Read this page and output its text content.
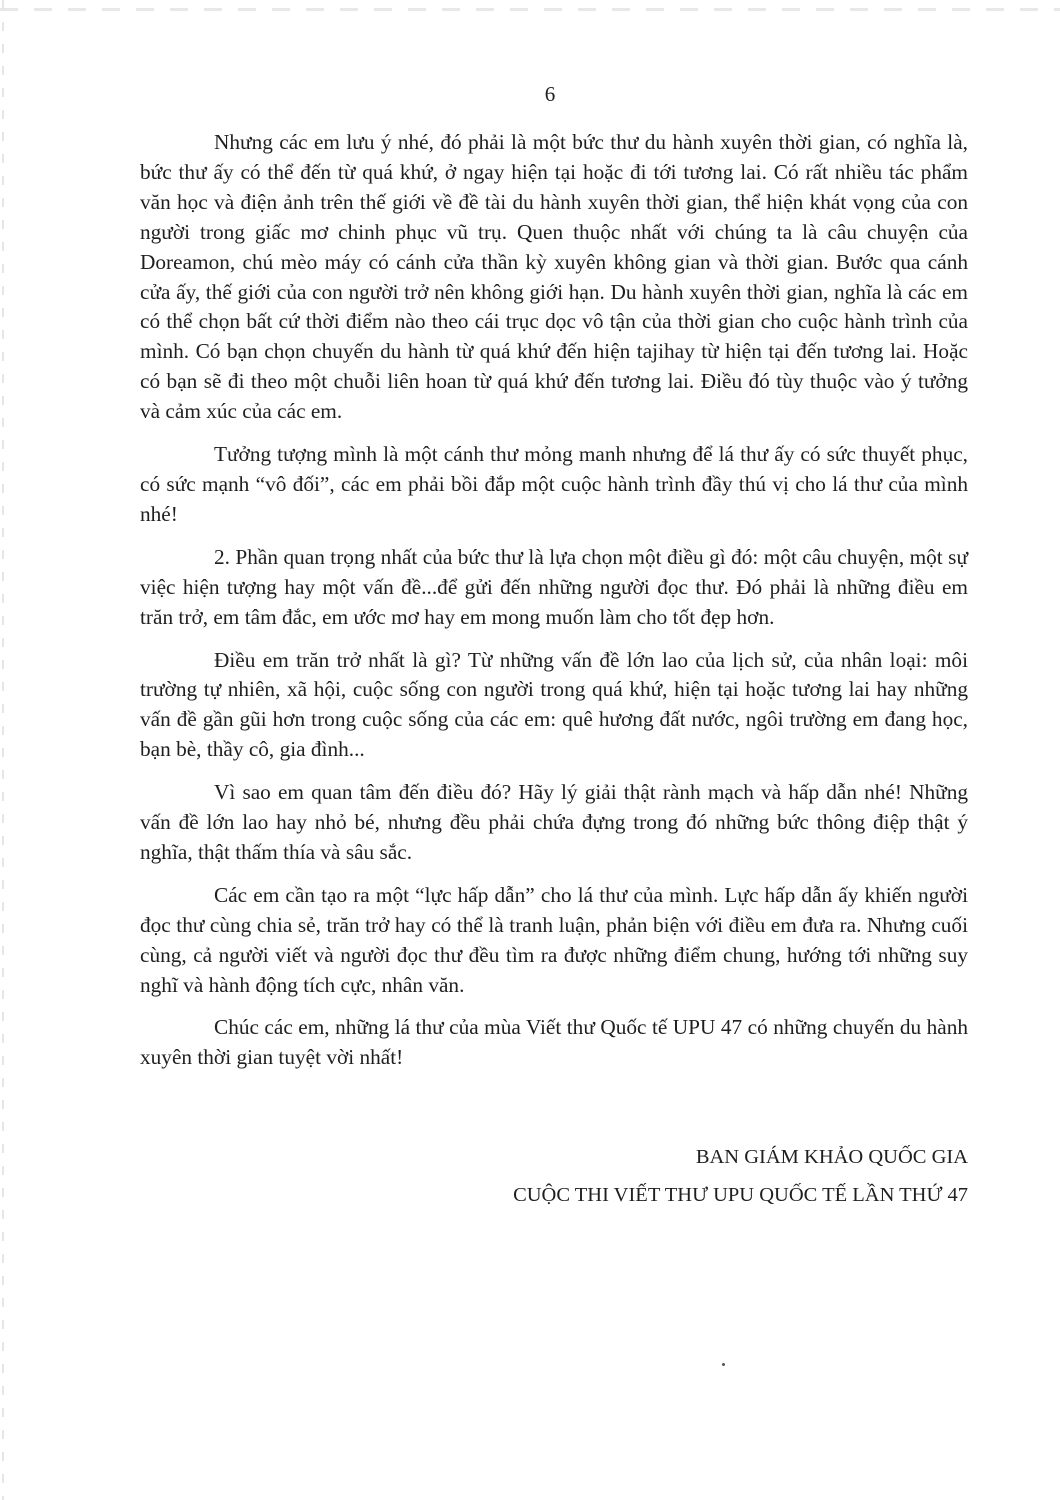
6

Nhưng các em lưu ý nhé, đó phải là một bức thư du hành xuyên thời gian, có nghĩa là, bức thư ấy có thể đến từ quá khứ, ở ngay hiện tại hoặc đi tới tương lai. Có rất nhiều tác phẩm văn học và điện ảnh trên thế giới về đề tài du hành xuyên thời gian, thể hiện khát vọng của con người trong giấc mơ chinh phục vũ trụ. Quen thuộc nhất với chúng ta là câu chuyện của Doreamon, chú mèo máy có cánh cửa thần kỳ xuyên không gian và thời gian. Bước qua cánh cửa ấy, thế giới của con người trở nên không giới hạn. Du hành xuyên thời gian, nghĩa là các em có thể chọn bất cứ thời điểm nào theo cái trục dọc vô tận của thời gian cho cuộc hành trình của mình. Có bạn chọn chuyến du hành từ quá khứ đến hiện tajihay từ hiện tại đến tương lai. Hoặc có bạn sẽ đi theo một chuỗi liên hoan từ quá khứ đến tương lai. Điều đó tùy thuộc vào ý tưởng và cảm xúc của các em.

Tưởng tượng mình là một cánh thư mỏng manh nhưng để lá thư ấy có sức thuyết phục, có sức mạnh “vô đối”, các em phải bồi đắp một cuộc hành trình đầy thú vị cho lá thư của mình nhé!

2. Phần quan trọng nhất của bức thư là lựa chọn một điều gì đó: một câu chuyện, một sự việc hiện tượng hay một vấn đề...để gửi đến những người đọc thư. Đó phải là những điều em trăn trở, em tâm đắc, em ước mơ hay em mong muốn làm cho tốt đẹp hơn.

Điều em trăn trở nhất là gì? Từ những vấn đề lớn lao của lịch sử, của nhân loại: môi trường tự nhiên, xã hội, cuộc sống con người trong quá khứ, hiện tại hoặc tương lai hay những vấn đề gần gũi hơn trong cuộc sống của các em: quê hương đất nước, ngôi trường em đang học, bạn bè, thầy cô, gia đình...

Vì sao em quan tâm đến điều đó? Hãy lý giải thật rành mạch và hấp dẫn nhé! Những vấn đề lớn lao hay nhỏ bé, nhưng đều phải chứa đựng trong đó những bức thông điệp thật ý nghĩa, thật thấm thía và sâu sắc.

Các em cần tạo ra một “lực hấp dẫn” cho lá thư của mình. Lực hấp dẫn ấy khiến người đọc thư cùng chia sẻ, trăn trở hay có thể là tranh luận, phản biện với điều em đưa ra. Nhưng cuối cùng, cả người viết và người đọc thư đều tìm ra được những điểm chung, hướng tới những suy nghĩ và hành động tích cực, nhân văn.

Chúc các em, những lá thư của mùa Viết thư Quốc tế UPU 47 có những chuyến du hành xuyên thời gian tuyệt vời nhất!

BAN GIÁM KHẢO QUỐC GIA
CUỘC THI VIẾT THƯ UPU QUỐC TẾ LẦN THỨ 47
